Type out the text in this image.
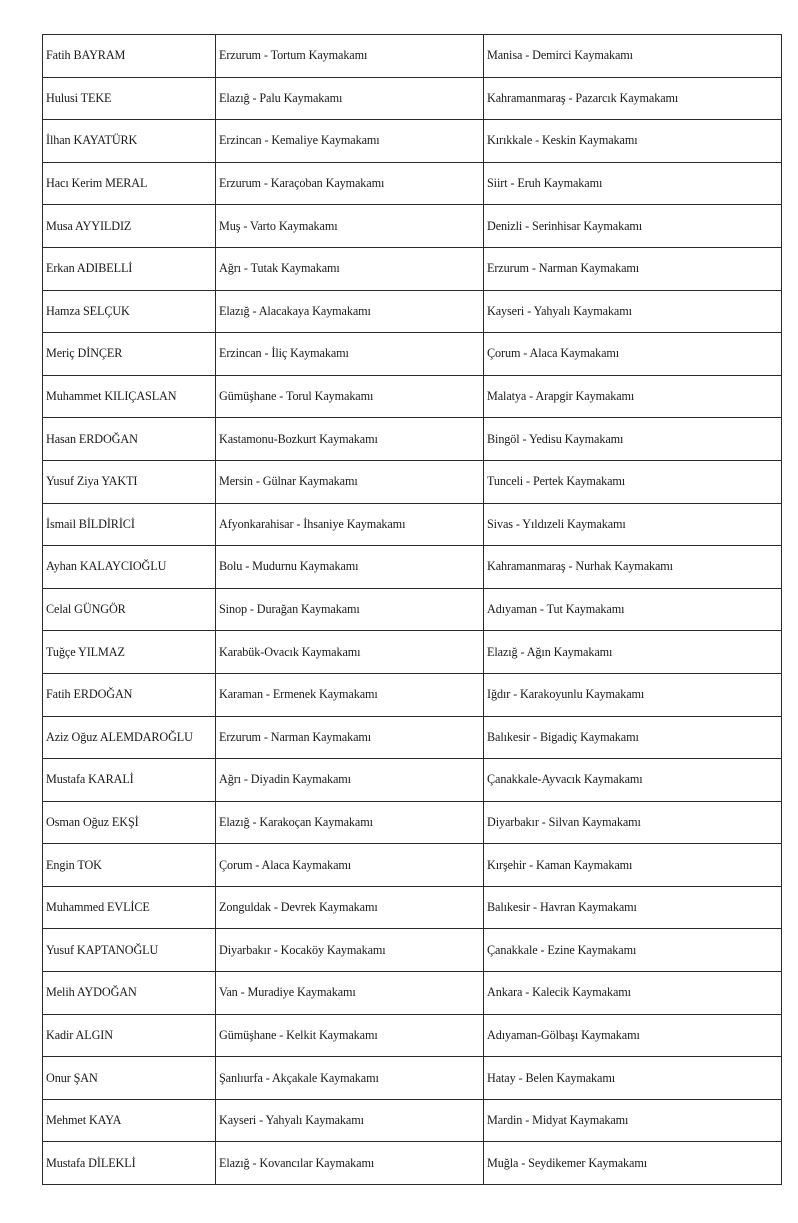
Fatih BAYRAM	Erzurum - Tortum Kaymakamı	Manisa - Demirci Kaymakamı
Hulusi TEKE	Elazığ - Palu Kaymakamı	Kahramanmaraş - Pazarcık Kaymakamı
İlhan KAYATÜRK	Erzincan - Kemaliye Kaymakamı	Kırıkkale - Keskin Kaymakamı
Hacı Kerim MERAL	Erzurum - Karaçoban Kaymakamı	Siirt - Eruh Kaymakamı
Musa AYYILDIZ	Muş - Varto Kaymakamı	Denizli - Serinhisar Kaymakamı
Erkan ADIBELLİ	Ağrı - Tutak Kaymakamı	Erzurum - Narman Kaymakamı
Hamza SELÇUK	Elazığ - Alacakaya Kaymakamı	Kayseri - Yahyalı Kaymakamı
Meriç DİNÇER	Erzincan - İliç Kaymakamı	Çorum - Alaca Kaymakamı
Muhammet KILIÇASLAN	Gümüşhane - Torul Kaymakamı	Malatya - Arapgir Kaymakamı
Hasan ERDOĞAN	Kastamonu-Bozkurt Kaymakamı	Bingöl - Yedisu Kaymakamı
Yusuf Ziya YAKTI	Mersin - Gülnar Kaymakamı	Tunceli - Pertek Kaymakamı
İsmail BİLDİRİCİ	Afyonkarahisar - İhsaniye Kaymakamı	Sivas - Yıldızeli Kaymakamı
Ayhan KALAYCIOĞLU	Bolu - Mudurnu Kaymakamı	Kahramanmaraş - Nurhak Kaymakamı
Celal GÜNGÖR	Sinop - Durağan Kaymakamı	Adıyaman - Tut Kaymakamı
Tuğçe YILMAZ	Karabük-Ovacık Kaymakamı	Elazığ - Ağın Kaymakamı
Fatih ERDOĞAN	Karaman - Ermenek Kaymakamı	Iğdır - Karakoyunlu Kaymakamı
Aziz Oğuz ALEMDAROĞLU	Erzurum - Narman Kaymakamı	Balıkesir - Bigadiç Kaymakamı
Mustafa KARALİ	Ağrı - Diyadin Kaymakamı	Çanakkale-Ayvacık Kaymakamı
Osman Oğuz EKŞİ	Elazığ - Karakoçan Kaymakamı	Diyarbakır - Silvan Kaymakamı
Engin TOK	Çorum - Alaca Kaymakamı	Kırşehir - Kaman Kaymakamı
Muhammed EVLİCE	Zonguldak - Devrek Kaymakamı	Balıkesir - Havran Kaymakamı
Yusuf KAPTANOĞLU	Diyarbakır - Kocaköy Kaymakamı	Çanakkale - Ezine Kaymakamı
Melih AYDOĞAN	Van - Muradiye Kaymakamı	Ankara - Kalecik Kaymakamı
Kadir ALGIN	Gümüşhane - Kelkit Kaymakamı	Adıyaman-Gölbaşı Kaymakamı
Onur ŞAN	Şanlıurfa - Akçakale Kaymakamı	Hatay - Belen Kaymakamı
Mehmet KAYA	Kayseri - Yahyalı Kaymakamı	Mardin - Midyat Kaymakamı
Mustafa DİLEKLİ	Elazığ - Kovancılar Kaymakamı	Muğla - Seydikemer Kaymakamı
